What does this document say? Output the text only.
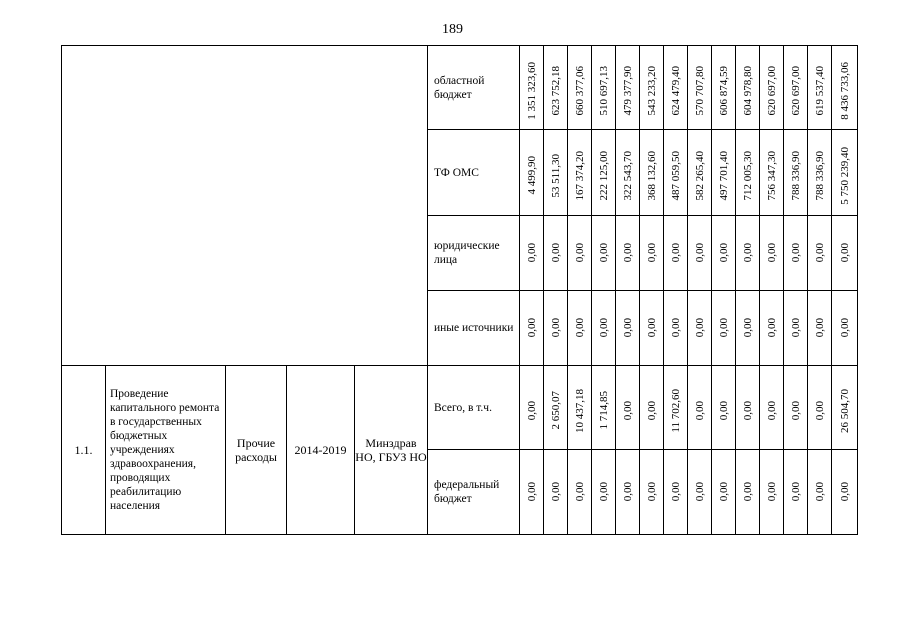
189
					областной бюджет	1 351 323,60	623 752,18	660 377,06	510 697,13	479 377,90	543 233,20	624 479,40	570 707,80	606 874,59	604 978,80	620 697,00	620 697,00	619 537,40	8 436 733,06

					ТФ ОМС	4 499,90	53 511,30	167 374,20	222 125,00	322 543,70	368 132,60	487 059,50	582 265,40	497 701,40	712 005,30	756 347,30	788 336,90	788 336,90	5 750 239,40

					юридические лица	0,00	0,00	0,00	0,00	0,00	0,00	0,00	0,00	0,00	0,00	0,00	0,00	0,00	0,00

					иные источники	0,00	0,00	0,00	0,00	0,00	0,00	0,00	0,00	0,00	0,00	0,00	0,00	0,00	0,00

1.1.	Проведение капитального ремонта в государственных бюджетных учреждениях здравоохранения, проводящих реабилитацию населения	Прочие расходы	2014-2019	Минздрав НО, ГБУЗ НО	Всего, в т.ч.	0,00	2 650,07	10 437,18	1 714,85	0,00	0,00	11 702,60	0,00	0,00	0,00	0,00	0,00	0,00	26 504,70

					федеральный бюджет	0,00	0,00	0,00	0,00	0,00	0,00	0,00	0,00	0,00	0,00	0,00	0,00	0,00	0,00
